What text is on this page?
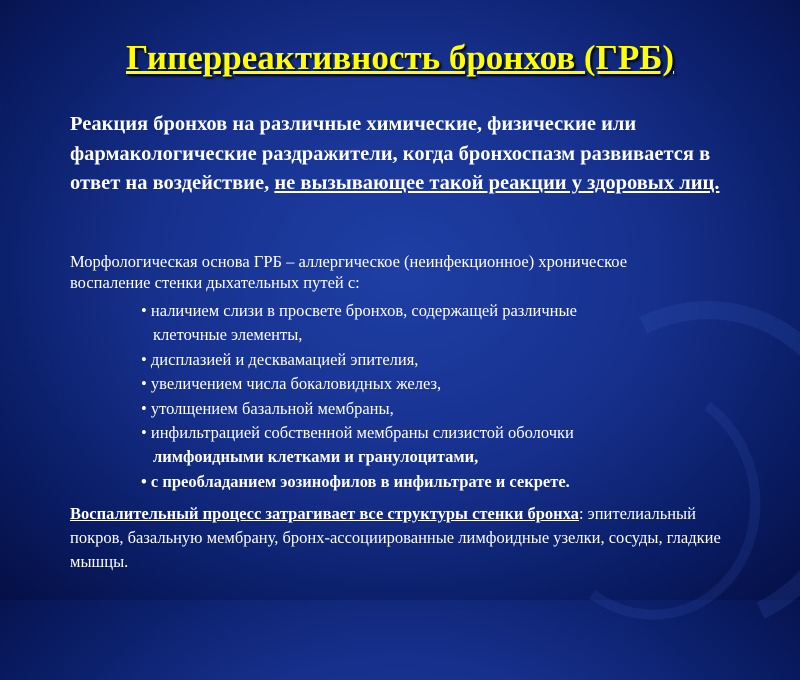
Гиперреактивность бронхов (ГРБ)
Реакция бронхов на различные химические, физические или фармакологические раздражители, когда бронхоспазм развивается в ответ на воздействие, не вызывающее такой реакции у здоровых лиц.
Морфологическая основа ГРБ – аллергическое (неинфекционное) хроническое воспаление стенки дыхательных путей с:
• наличием слизи в просвете бронхов, содержащей различные
клеточные элементы,
• дисплазией и десквамацией эпителия,
• увеличением числа бокаловидных желез,
• утолщением базальной мембраны,
• инфильтрацией собственной мембраны слизистой оболочки
лимфоидными клетками и гранулоцитами,
• с преобладанием эозинофилов в инфильтрате и секрете.
Воспалительный процесс затрагивает все структуры стенки бронха: эпителиальный покров, базальную мембрану, бронх-ассоциированные лимфоидные узелки, сосуды, гладкие мышцы.
